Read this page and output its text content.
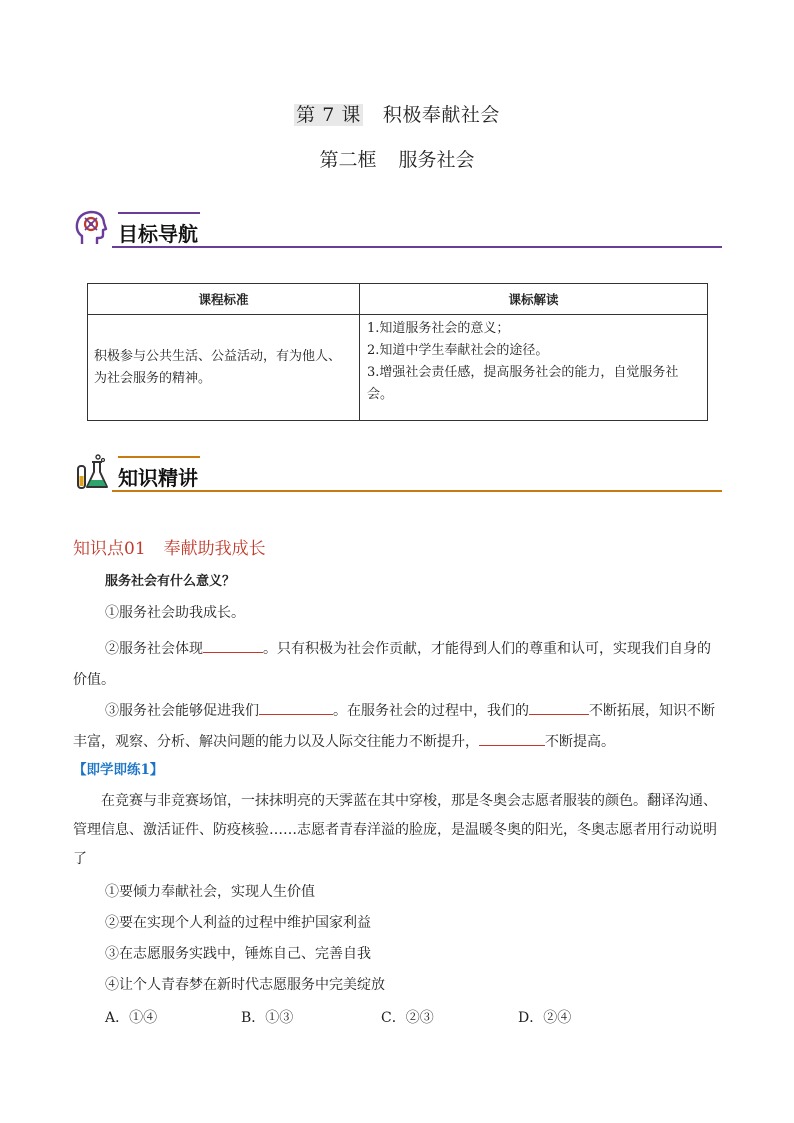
第 7 课 积极奉献社会
第二框 服务社会
目标导航
课程标准	课标解读
积极参与公共生活、公益活动，有为他人、为社会服务的精神。	1.知道服务社会的意义；
2.知道中学生奉献社会的途径。
3.增强社会责任感，提高服务社会的能力，自觉服务社会。
知识精讲
知识点01 奉献助我成长
服务社会有什么意义？
①服务社会助我成长。
②服务社会体现	。只有积极为社会作贡献，才能得到人们的尊重和认可，实现我们自身的价值。
③服务社会能够促进我们	。在服务社会的过程中，我们的	不断拓展，知识不断丰富，观察、分析、解决问题的能力以及人际交往能力不断提升，	不断提高。
【即学即练1】
在竞赛与非竞赛场馆，一抹抹明亮的天霁蓝在其中穿梭，那是冬奥会志愿者服装的颜色。翻译沟通、管理信息、激活证件、防疫核验……志愿者青春洋溢的脸庞，是温暖冬奥的阳光，冬奥志愿者用行动说明了
①要倾力奉献社会，实现人生价值
②要在实现个人利益的过程中维护国家利益
③在志愿服务实践中，锤炼自己、完善自我
④让个人青春梦在新时代志愿服务中完美绽放
A．①④	B．①③	C．②③	D．②④
